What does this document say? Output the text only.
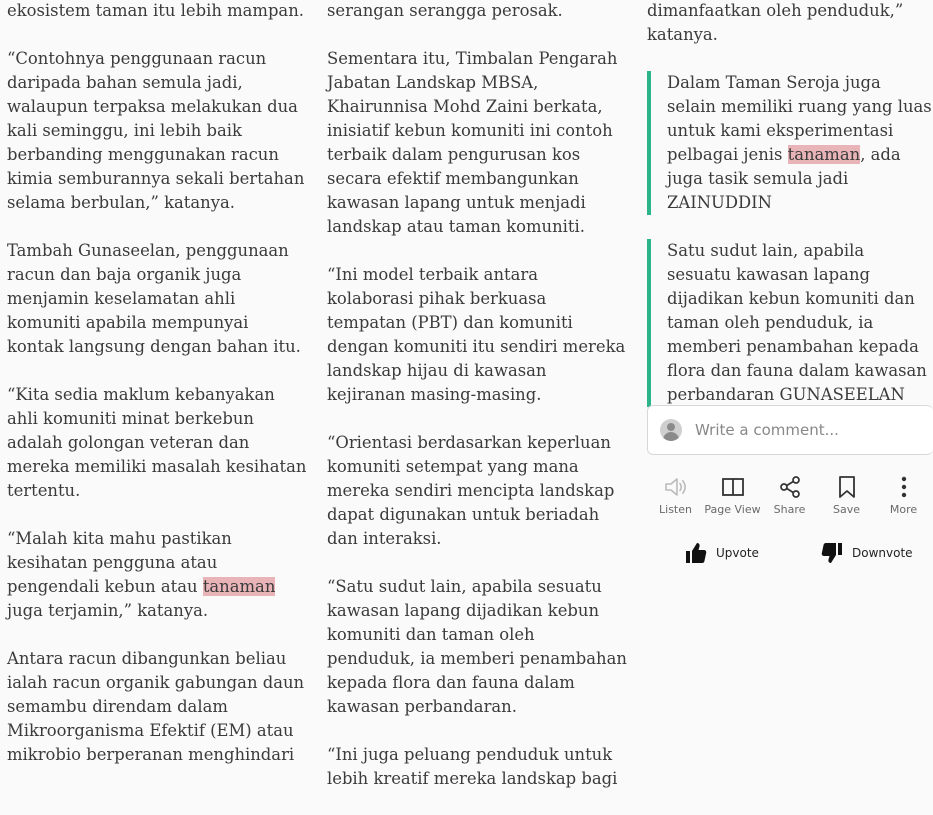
ekosistem taman itu lebih mampan.

“Contohnya penggunaan racun daripada bahan semula jadi, walaupun terpaksa melakukan dua kali seminggu, ini lebih baik berbanding menggunakan racun kimia semburannya sekali bertahan selama berbulan,” katanya.

Tambah Gunaseelan, penggunaan racun dan baja organik juga menjamin keselamatan ahli komuniti apabila mempunyai kontak langsung dengan bahan itu.

“Kita sedia maklum kebanyakan ahli komuniti minat berkebun adalah golongan veteran dan mereka memiliki masalah kesihatan tertentu.

“Malah kita mahu pastikan kesihatan pengguna atau pengendali kebun atau tanaman juga terjamin,” katanya.

Antara racun dibangunkan beliau ialah racun organik gabungan daun semambu direndam dalam Mikroorganisma Efektif (EM) atau mikrobio berperanan menghindari

serangan serangga perosak.

Sementara itu, Timbalan Pengarah Jabatan Landskap MBSA, Khairunnisa Mohd Zaini berkata, inisiatif kebun komuniti ini contoh terbaik dalam pengurusan kos secara efektif membangunkan kawasan lapang untuk menjadi landskap atau taman komuniti.

“Ini model terbaik antara kolaborasi pihak berkuasa tempatan (PBT) dan komuniti dengan komuniti itu sendiri mereka landskap hijau di kawasan kejiranan masing-masing.

“Orientasi berdasarkan keperluan komuniti setempat yang mana mereka sendiri mencipta landskap dapat digunakan untuk beriadah dan interaksi.

“Satu sudut lain, apabila sesuatu kawasan lapang dijadikan kebun komuniti dan taman oleh penduduk, ia memberi penambahan kepada flora dan fauna dalam kawasan perbandaran.

“Ini juga peluang penduduk untuk lebih kreatif mereka landskap bagi

dimanfaatkan oleh penduduk,” katanya.

Dalam Taman Seroja juga selain memiliki ruang yang luas untuk kami eksperimentasi pelbagai jenis tanaman, ada juga tasik semula jadi ZAINUDDIN
Satu sudut lain, apabila sesuatu kawasan lapang dijadikan kebun komuniti dan taman oleh penduduk, ia memberi penambahan kepada flora dan fauna dalam kawasan perbandaran GUNASEELAN
Write a comment...
Listen Page View Share	Save	More
Upvote	Downvote
